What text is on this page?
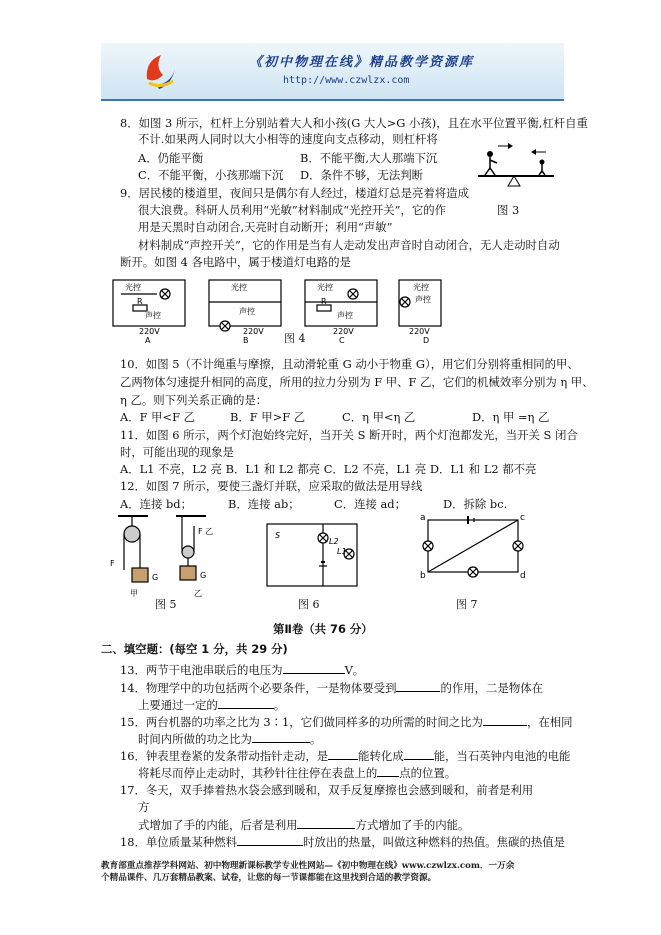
《初中物理在线》精品教学资源库
http://www.czwlzx.com
8．如图 3 所示，杠杆上分别站着大人和小孩(G 大人>G 小孩)，且在水平位置平衡,杠杆自重
不计.如果两人同时以大小相等的速度向支点移动，则杠杆将
A．仍能平衡	B．不能平衡,大人那端下沉
C．不能平衡，小孩那端下沉 D．条件不够，无法判断
9．居民楼的楼道里，夜间只是偶尔有人经过，楼道灯总是亮着将造成
很大浪费。科研人员利用“光敏”材料制成“光控开关”，它的作	图 3
用是天黑时自动闭合,天亮时自动断开；利用“声敏”
材料制成“声控开关”，它的作用是当有人走动发出声音时自动闭合，无人走动时自动
断开。如图 4 各电路中，属于楼道灯电路的是
光控
声控
R
220V
A
光控
声控
220V
B
光控
声控
R
220V
C
光控
声控
220V
D
图 4
10．如图 5（不计绳重与摩擦，且动滑轮重 G 动小于物重 G），用它们分别将重相同的甲、
乙两物体匀速提升相同的高度，所用的拉力分别为 F 甲、F 乙，它们的机械效率分别为 η 甲、
η 乙。则下列关系正确的是：
A．F 甲<F 乙	B．F 甲>F 乙	C．η 甲<η 乙	D．η 甲 =η 乙
11．如图 6 所示，两个灯泡始终完好，当开关 S 断开时，两个灯泡都发光，当开关 S 闭合
时，可能出现的现象是
A．L1 不亮，L2 亮 B．L1 和 L2 都亮 C．L2 不亮，L1 亮 D．L1 和 L2 都不亮
12．如图 7 所示，要使三盏灯并联，应采取的做法是用导线
A．连接 bd；	B．连接 ab；	C．连接 ad；	D．拆除 bc.
F
G
F 乙
G
甲	乙
图 5
S
L2
L1
图 6
a
b
c
d
图 7
第Ⅱ卷（共 76 分）
二、填空题：(每空 1 分，共 29 分)
13．两节干电池串联后的电压为	V。
14．物理学中的功包括两个必要条件，一是物体要受到	的作用，二是物体在
上要通过一定的	。
15．两台机器的功率之比为 3∶1，它们做同样多的功所需的时间之比为	，在相同
时间内所做的功之比为	。
16．钟表里卷紧的发条带动指针走动，是	能转化成	能，当石英钟内电池的电能
将耗尽而停止走动时，其秒针往往停在表盘上的 点的位置。
17．冬天，双手捧着热水袋会感到暖和，双手反复摩擦也会感到暖和，前者是利用
方
式增加了手的内能，后者是利用	方式增加了手的内能。
18．单位质量某种燃料	时放出的热量，叫做这种燃料的热值。焦碳的热值是
教育部重点推荐学科网站、初中物理新课标教学专业性网站—《初中物理在线》www.czwlzx.com．一万余
个精品课件、几万套精品教案、试卷，让您的每一节课都能在这里找到合适的教学资源。
